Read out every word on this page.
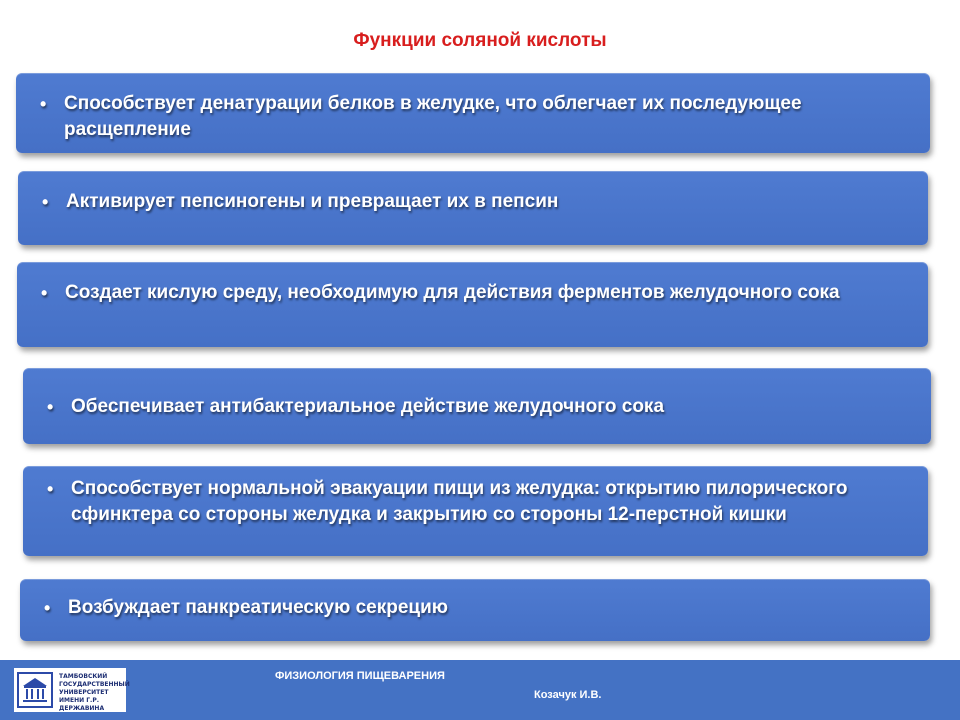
Функции соляной кислоты
• Способствует денатурации белков в желудке, что облегчает их последующее расщепление
• Активирует пепсиногены и превращает их в пепсин
• Создает кислую среду, необходимую для действия ферментов желудочного сока
• Обеспечивает антибактериальное действие желудочного сока
• Способствует нормальной эвакуации пищи из желудка: открытию пилорического сфинктера со стороны желудка и закрытию со стороны 12-перстной кишки
• Возбуждает панкреатическую секрецию
ТАМБОВСКИЙ ГОСУДАРСТВЕННЫЙ УНИВЕРСИТЕТ ИМЕНИ Г.Р. ДЕРЖАВИНА
ФИЗИОЛОГИЯ ПИЩЕВАРЕНИЯ
Козачук И.В.
